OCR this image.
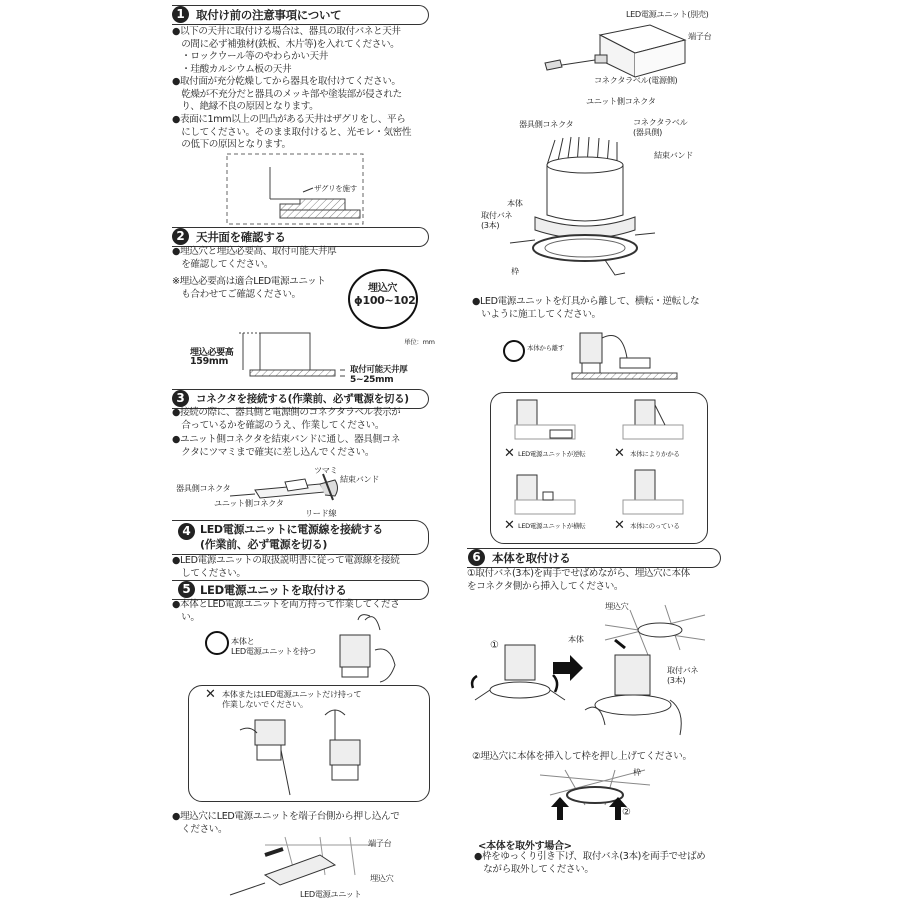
1 取付け前の注意事項について
●以下の天井に取付ける場合は、器具の取付バネと天井
　の間に必ず補強材(鉄板、木片等)を入れてください。
　・ロックウール等のやわらかい天井
　・珪酸カルシウム板の天井
●取付面が充分乾燥してから器具を取付けてください。
　乾燥が不充分だと器具のメッキ部や塗装部が侵された
　り、絶縁不良の原因となります。
●表面に1mm以上の凹凸がある天井はザグリをし、平ら
　にしてください。そのまま取付けると、光モレ・気密性
　の低下の原因となります。
ザグリを施す
2 天井面を確認する
●埋込穴と埋込必要高、取付可能天井厚
　を確認してください。
※埋込必要高は適合LED電源ユニット
　も合わせてご確認ください。	埋込穴
ϕ100~102
単位：mm
埋込必要高
159mm
取付可能天井厚
5~25mm
3	コネクタを接続する(作業前、必ず電源を切る)
●接続の際に、器具側と電源側のコネクタラベル表示が
　合っているかを確認のうえ、作業してください。
●ユニット側コネクタを結束バンドに通し、器具側コネ
　クタにツマミまで確実に差し込んでください。
ツマミ
結束バンド
器具側コネクタ
ユニット側コネクタ
リード線
4 LED電源ユニットに電源線を接続する
(作業前、必ず電源を切る)
●LED電源ユニットの取扱説明書に従って電源線を接続
　してください。
5 LED電源ユニットを取付ける
●本体とLED電源ユニットを両方持って作業してくださ
　い。
本体と
LED電源ユニットを持つ
✕ 本体またはLED電源ユニットだけ持って
作業しないでください。
●埋込穴にLED電源ユニットを端子台側から押し込んで
　ください。
端子台
埋込穴
LED電源ユニット
LED電源ユニット(別売)
端子台
コネクタラベル(電源側)
ユニット側コネクタ
器具側コネクタ	コネクタラベル
(器具側)
結束バンド
本体
取付バネ
(3本)
枠
●LED電源ユニットを灯具から離して、横転・逆転しな
　いように施工してください。
本体から離す
✕ LED電源ユニットが逆転 ✕ 本体によりかかる
✕ LED電源ユニットが横転 ✕ 本体にのっている
6 本体を取付ける
①取付バネ(3本)を両手でせばめながら、埋込穴に本体
をコネクタ側から挿入してください。
①
埋込穴
本体
取付バネ
(3本)
②埋込穴に本体を挿入して枠を押し上げてください。
枠
②
<本体を取外す場合>
●枠をゆっくり引き下げ、取付バネ(3本)を両手でせばめ
　ながら取外してください。
